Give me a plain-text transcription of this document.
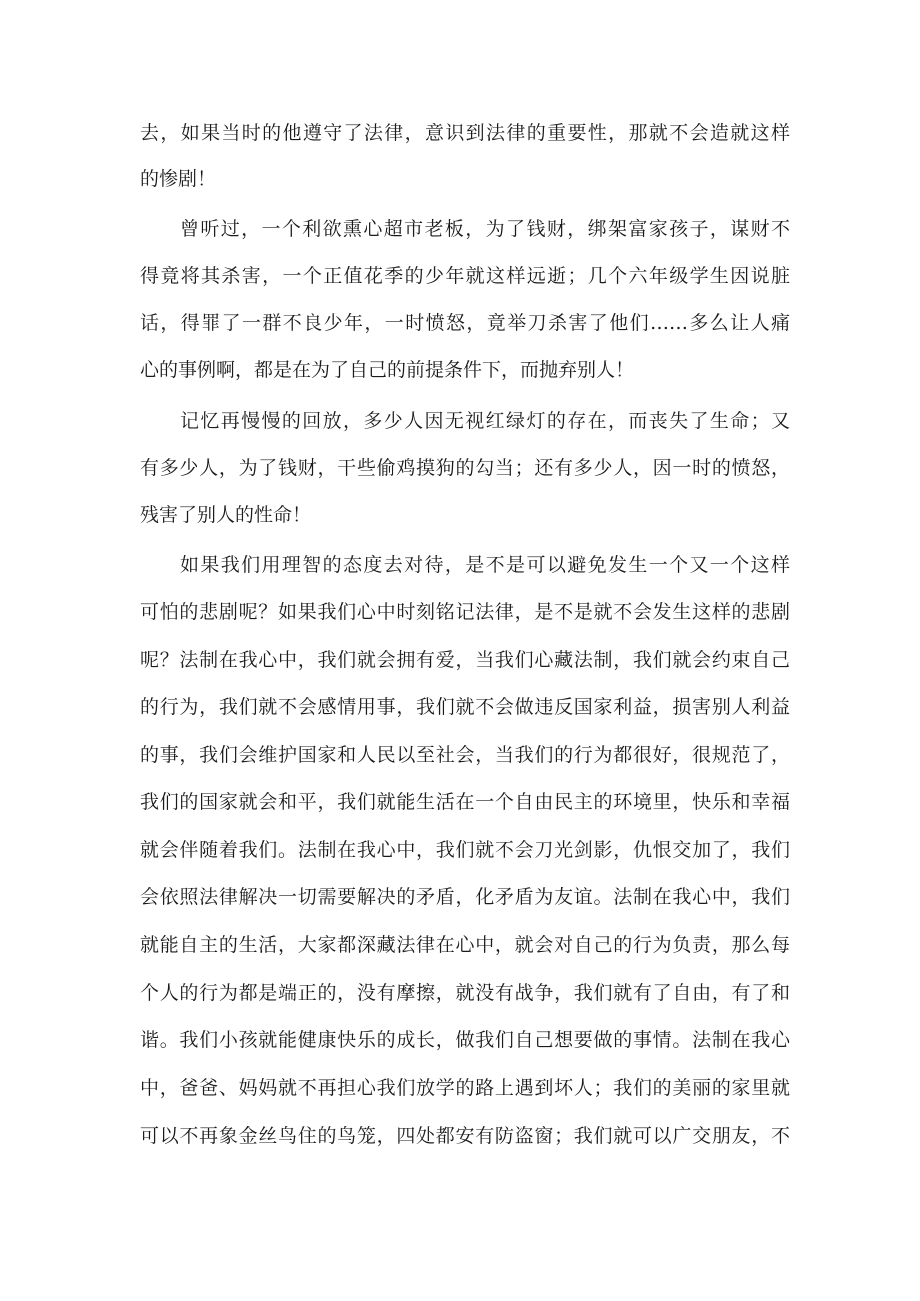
去，如果当时的他遵守了法律，意识到法律的重要性，那就不会造就这样
的惨剧！
曾听过，一个利欲熏心超市老板，为了钱财，绑架富家孩子，谋财不
得竟将其杀害，一个正值花季的少年就这样远逝；几个六年级学生因说脏
话，得罪了一群不良少年，一时愤怒，竟举刀杀害了他们……多么让人痛
心的事例啊，都是在为了自己的前提条件下，而抛弃别人！
记忆再慢慢的回放，多少人因无视红绿灯的存在，而丧失了生命；又
有多少人，为了钱财，干些偷鸡摸狗的勾当；还有多少人，因一时的愤怒，
残害了别人的性命！
如果我们用理智的态度去对待，是不是可以避免发生一个又一个这样
可怕的悲剧呢？如果我们心中时刻铭记法律，是不是就不会发生这样的悲剧
呢？法制在我心中，我们就会拥有爱，当我们心藏法制，我们就会约束自己
的行为，我们就不会感情用事，我们就不会做违反国家利益，损害别人利益
的事，我们会维护国家和人民以至社会，当我们的行为都很好，很规范了，
我们的国家就会和平，我们就能生活在一个自由民主的环境里，快乐和幸福
就会伴随着我们。法制在我心中，我们就不会刀光剑影，仇恨交加了，我们
会依照法律解决一切需要解决的矛盾，化矛盾为友谊。法制在我心中，我们
就能自主的生活，大家都深藏法律在心中，就会对自己的行为负责，那么每
个人的行为都是端正的，没有摩擦，就没有战争，我们就有了自由，有了和
谐。我们小孩就能健康快乐的成长，做我们自己想要做的事情。法制在我心
中，爸爸、妈妈就不再担心我们放学的路上遇到坏人；我们的美丽的家里就
可以不再象金丝鸟住的鸟笼，四处都安有防盗窗；我们就可以广交朋友，不
